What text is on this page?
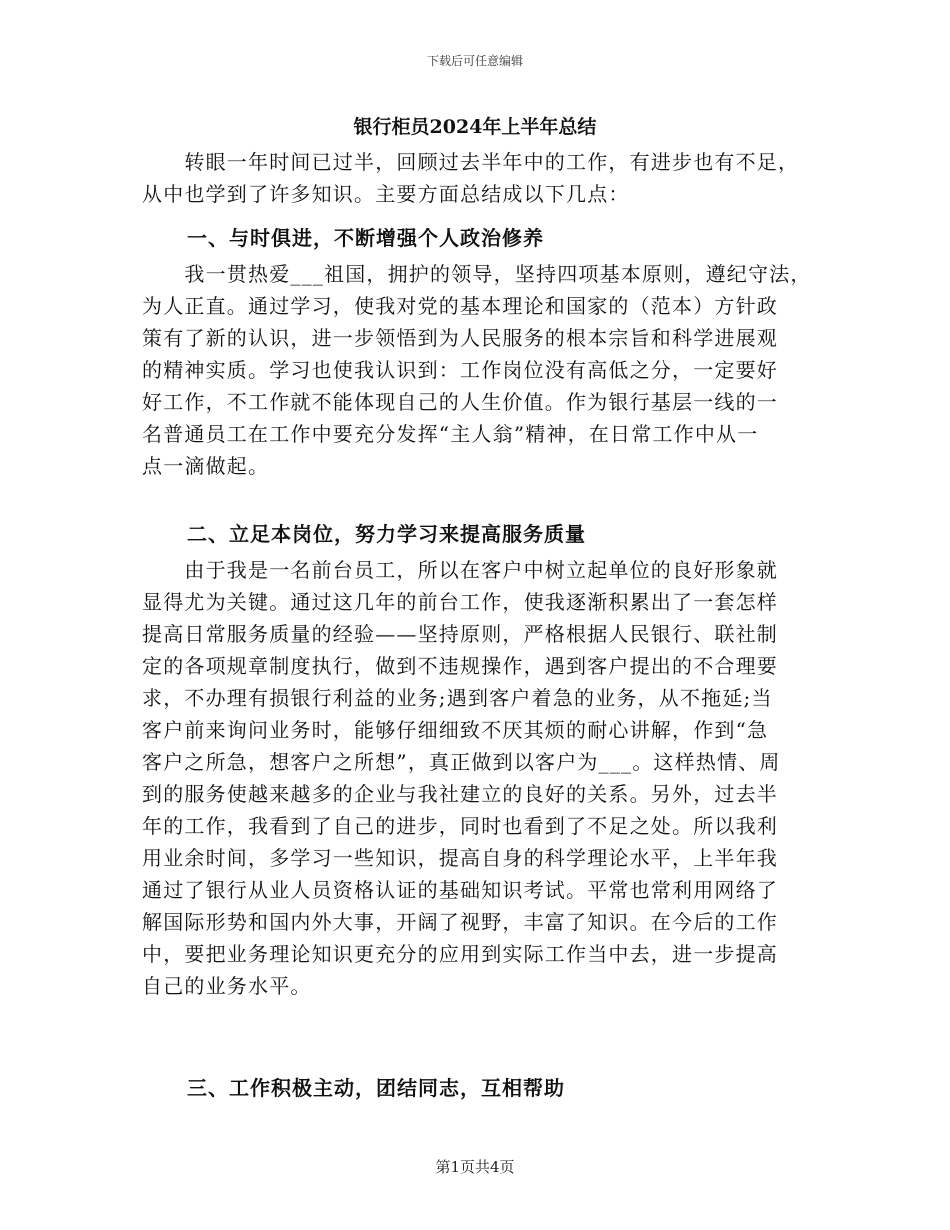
下载后可任意编辑
银行柜员2024年上半年总结
　　转眼一年时间已过半，回顾过去半年中的工作，有进步也有不足，
从中也学到了许多知识。主要方面总结成以下几点：
一、与时俱进，不断增强个人政治修养
　　我一贯热爱___祖国，拥护的领导，坚持四项基本原则，遵纪守法，
为人正直。通过学习，使我对党的基本理论和国家的（范本）方针政
策有了新的认识，进一步领悟到为人民服务的根本宗旨和科学进展观
的精神实质。学习也使我认识到：工作岗位没有高低之分，一定要好
好工作，不工作就不能体现自己的人生价值。作为银行基层一线的一
名普通员工在工作中要充分发挥“主人翁”精神，在日常工作中从一
点一滴做起。
二、立足本岗位，努力学习来提高服务质量
　　由于我是一名前台员工，所以在客户中树立起单位的良好形象就
显得尤为关键。通过这几年的前台工作，使我逐渐积累出了一套怎样
提高日常服务质量的经验——坚持原则，严格根据人民银行、联社制
定的各项规章制度执行，做到不违规操作，遇到客户提出的不合理要
求，不办理有损银行利益的业务;遇到客户着急的业务，从不拖延;当
客户前来询问业务时，能够仔细细致不厌其烦的耐心讲解，作到“急
客户之所急，想客户之所想”，真正做到以客户为___。这样热情、周
到的服务使越来越多的企业与我社建立的良好的关系。另外，过去半
年的工作，我看到了自己的进步，同时也看到了不足之处。所以我利
用业余时间，多学习一些知识，提高自身的科学理论水平，上半年我
通过了银行从业人员资格认证的基础知识考试。平常也常利用网络了
解国际形势和国内外大事，开阔了视野，丰富了知识。在今后的工作
中，要把业务理论知识更充分的应用到实际工作当中去，进一步提高
自己的业务水平。
三、工作积极主动，团结同志，互相帮助
第1页共4页
